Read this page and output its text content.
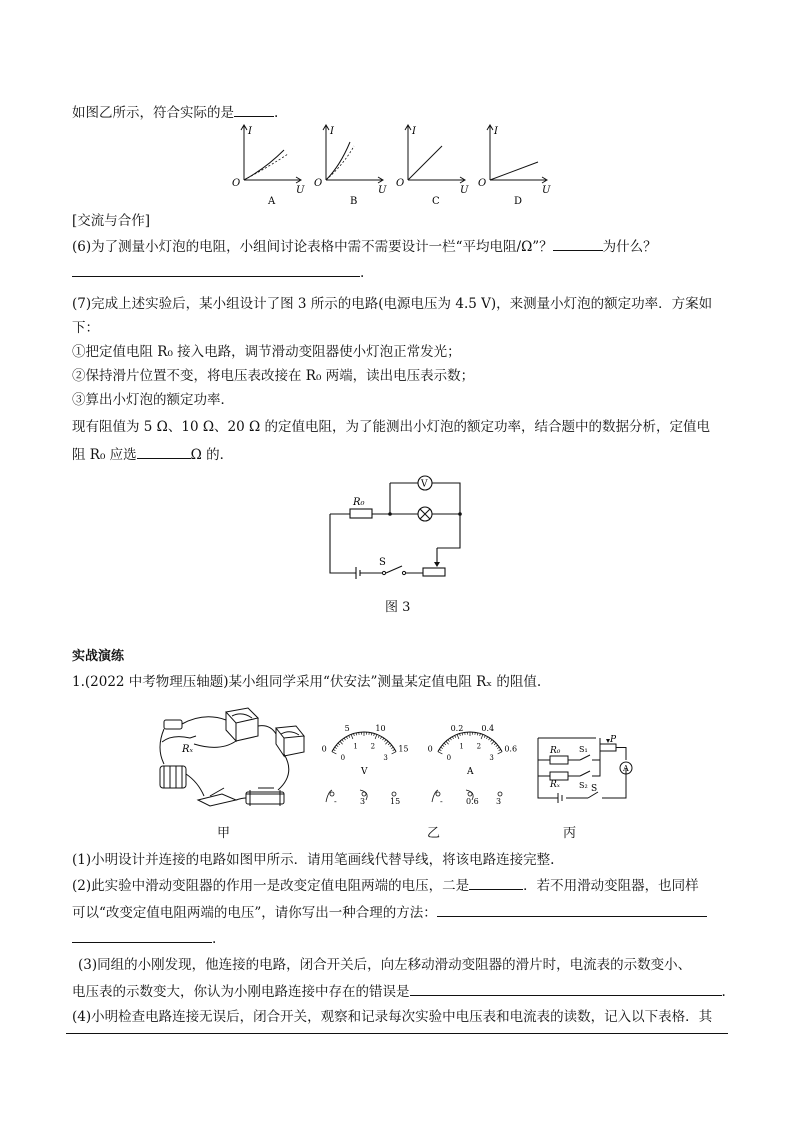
如图乙所示，符合实际的是	.
I
U
O
A
I
U
O
B
I
U
O
C
I
U
O
D
[交流与合作]
(6)为了测量小灯泡的电阻，小组间讨论表格中需不需要设计一栏“平均电阻/Ω”？	为什么？
.
(7)完成上述实验后，某小组设计了图 3 所示的电路(电源电压为 4.5 V)，来测量小灯泡的额定功率．方案如
下：
①把定值电阻 R₀ 接入电路，调节滑动变阻器使小灯泡正常发光；
②保持滑片位置不变，将电压表改接在 R₀ 两端，读出电压表示数；
③算出小灯泡的额定功率．
现有阻值为 5 Ω、10 Ω、20 Ω 的定值电阻，为了能测出小灯泡的额定功率，结合题中的数据分析，定值电
阻 R₀ 应选	Ω 的．
R₀
V
S
图 3
实战演练
1.(2022 中考物理压轴题)某小组同学采用“伏安法”测量某定值电阻 Rₓ 的阻值.
Rₓ	0
5	10
15
0
1 2
3
V
-	3	15
0
0.2 0.4
0.6
0
1 2
3
A
-	0.6 3
R₀
Rₓ
P
S₁
S₂ S
A
甲	乙	丙
(1)小明设计并连接的电路如图甲所示．请用笔画线代替导线，将该电路连接完整.
(2)此实验中滑动变阻器的作用一是改变定值电阻两端的电压，二是	．若不用滑动变阻器，也同样
可以“改变定值电阻两端的电压”，请你写出一种合理的方法：
.
(3)同组的小刚发现，他连接的电路，闭合开关后，向左移动滑动变阻器的滑片时，电流表的示数变小、
电压表的示数变大，你认为小刚电路连接中存在的错误是	.
(4)小明检查电路连接无误后，闭合开关，观察和记录每次实验中电压表和电流表的读数，记入以下表格．其
